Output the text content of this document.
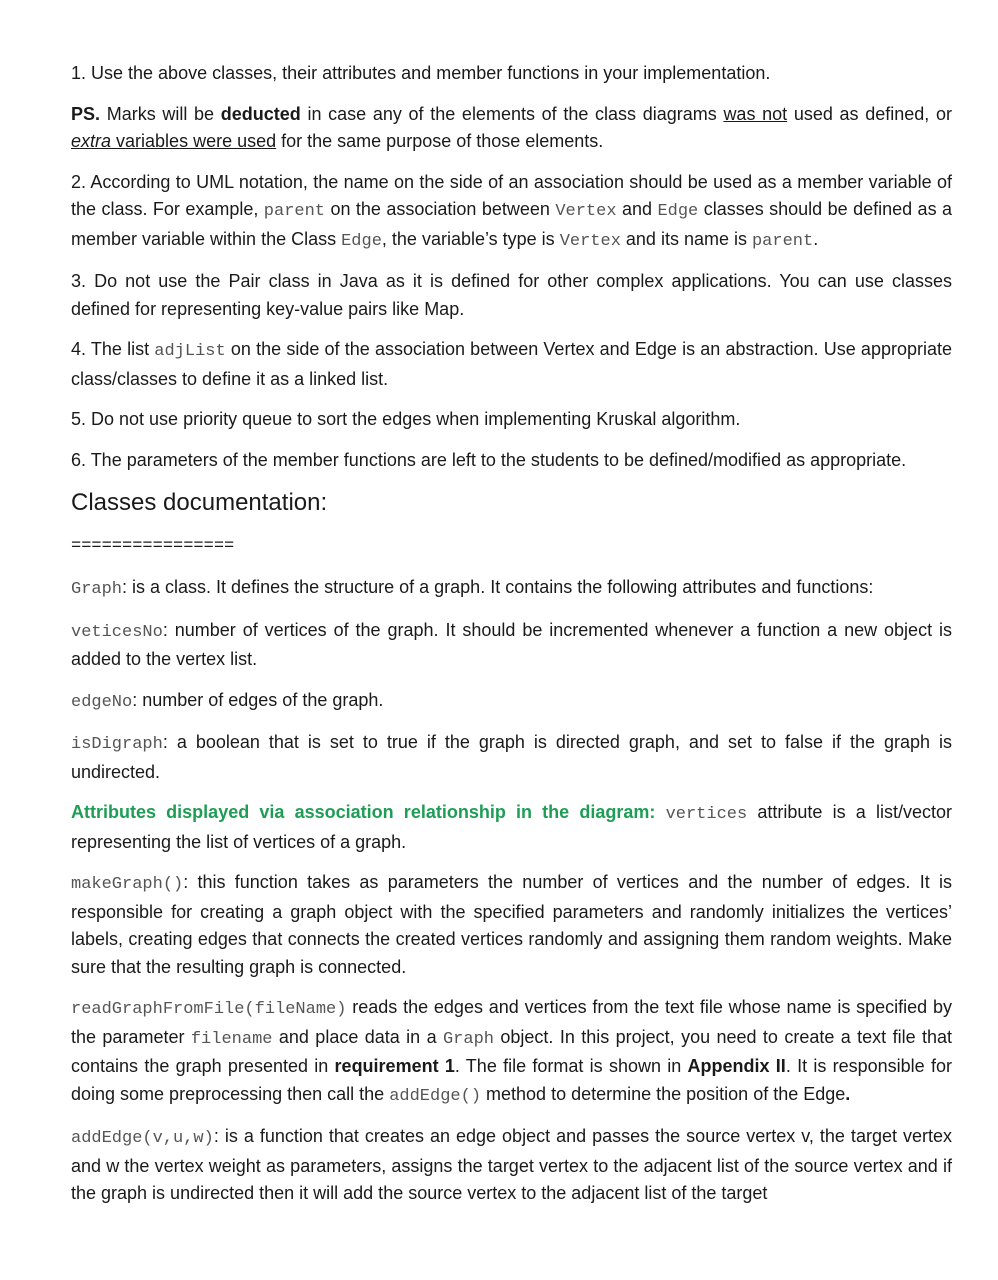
1. Use the above classes, their attributes and member functions in your implementation.

PS. Marks will be deducted in case any of the elements of the class diagrams was not used as defined, or extra variables were used for the same purpose of those elements.

2. According to UML notation, the name on the side of an association should be used as a member variable of the class. For example, parent on the association between Vertex and Edge classes should be defined as a member variable within the Class Edge, the variable’s type is Vertex and its name is parent.

3. Do not use the Pair class in Java as it is defined for other complex applications. You can use classes defined for representing key-value pairs like Map.

4. The list adjList on the side of the association between Vertex and Edge is an abstraction. Use appropriate class/classes to define it as a linked list.

5. Do not use priority queue to sort the edges when implementing Kruskal algorithm.

6. The parameters of the member functions are left to the students to be defined/modified as appropriate.

Classes documentation:
================

Graph: is a class. It defines the structure of a graph. It contains the following attributes and functions:

veticesNo: number of vertices of the graph. It should be incremented whenever a function a new object is added to the vertex list.

edgeNo: number of edges of the graph.

isDigraph: a boolean that is set to true if the graph is directed graph, and set to false if the graph is undirected.

Attributes displayed via association relationship in the diagram: vertices attribute is a list/vector representing the list of vertices of a graph.

makeGraph(): this function takes as parameters the number of vertices and the number of edges. It is responsible for creating a graph object with the specified parameters and randomly initializes the vertices’ labels, creating edges that connects the created vertices randomly and assigning them random weights. Make sure that the resulting graph is connected.

readGraphFromFile(fileName) reads the edges and vertices from the text file whose name is specified by the parameter filename and place data in a Graph object. In this project, you need to create a text file that contains the graph presented in requirement 1. The file format is shown in Appendix II. It is responsible for doing some preprocessing then call the addEdge() method to determine the position of the Edge.

addEdge(v,u,w): is a function that creates an edge object and passes the source vertex v, the target vertex and w the vertex weight as parameters, assigns the target vertex to the adjacent list of the source vertex and if the graph is undirected then it will add the source vertex to the adjacent list of the target
